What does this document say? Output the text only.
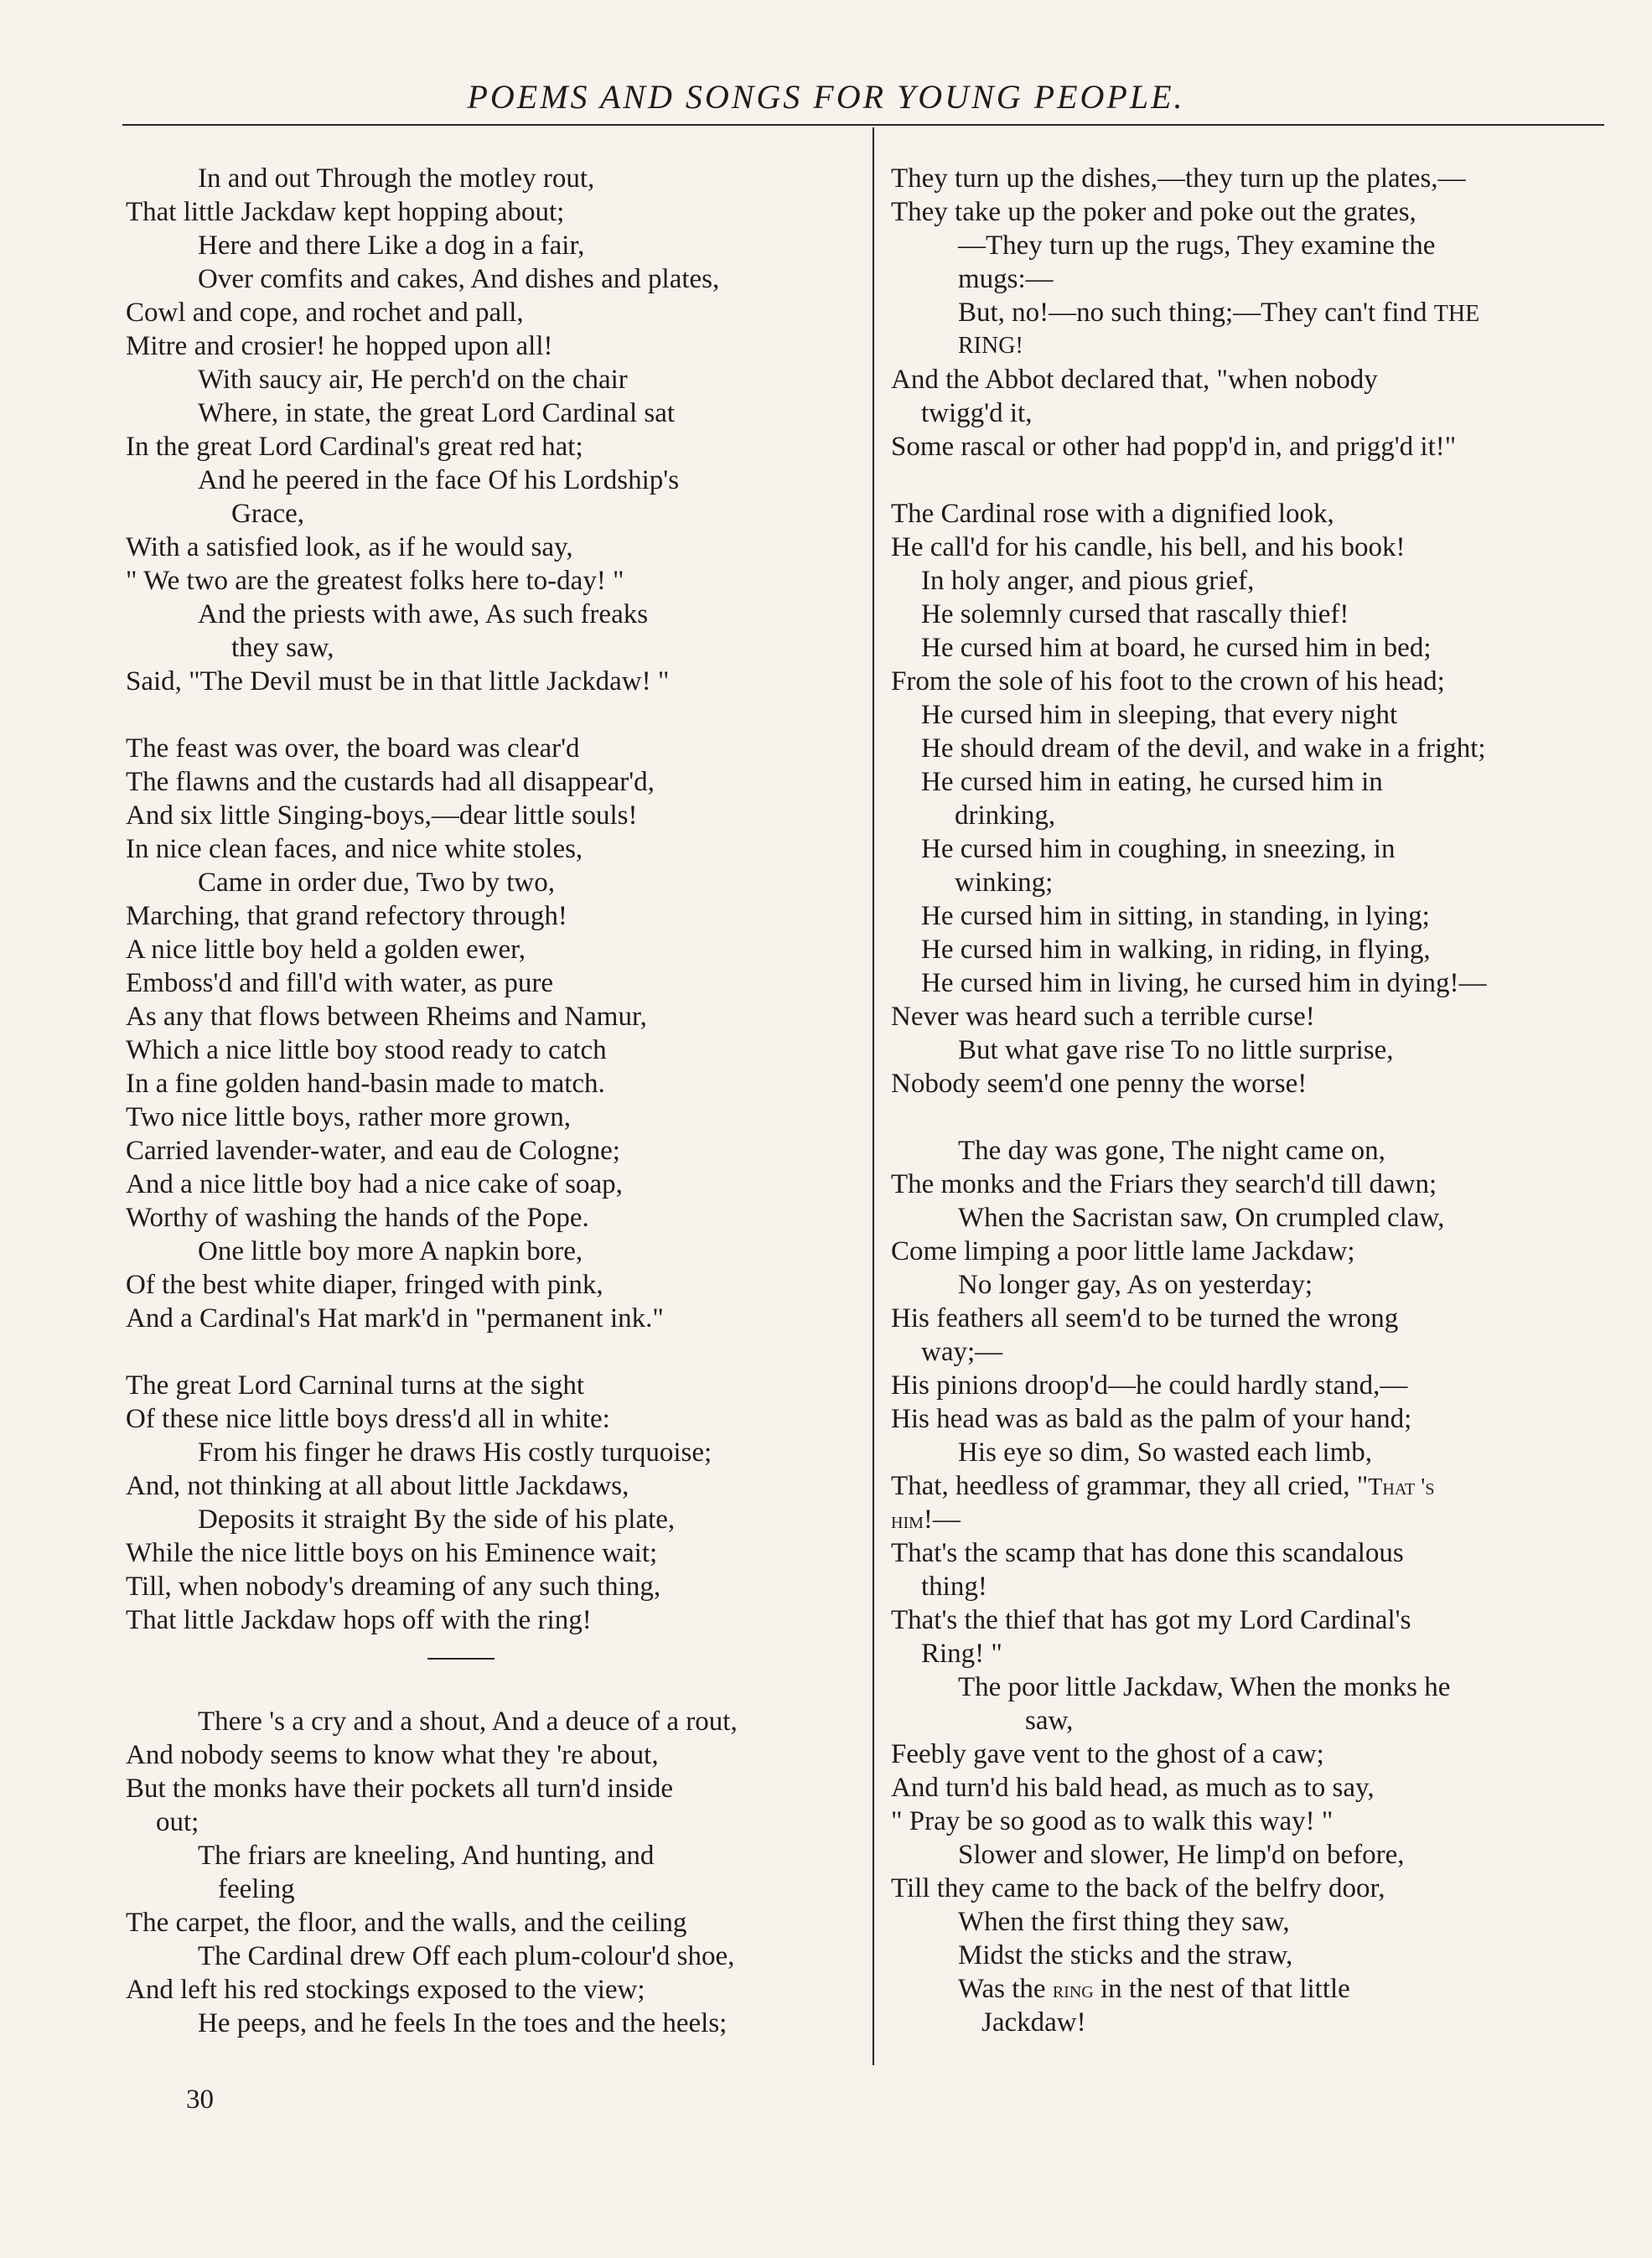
POEMS AND SONGS FOR YOUNG PEOPLE.
In and out Through the motley rout,
That little Jackdaw kept hopping about;
Here and there Like a dog in a fair,
Over comfits and cakes, And dishes and plates,
Cowl and cope, and rochet and pall,
Mitre and crosier! he hopped upon all!
With saucy air, He perch'd on the chair
Where, in state, the great Lord Cardinal sat
In the great Lord Cardinal's great red hat;
And he peered in the face Of his Lordship's
Grace,
With a satisfied look, as if he would say,
" We two are the greatest folks here to-day! "
And the priests with awe, As such freaks
they saw,
Said, "The Devil must be in that little Jackdaw! "
The feast was over, the board was clear'd
The flawns and the custards had all disappear'd,
And six little Singing-boys,—dear little souls!
In nice clean faces, and nice white stoles,
Came in order due, Two by two,
Marching, that grand refectory through!
A nice little boy held a golden ewer,
Emboss'd and fill'd with water, as pure
As any that flows between Rheims and Namur,
Which a nice little boy stood ready to catch
In a fine golden hand-basin made to match.
Two nice little boys, rather more grown,
Carried lavender-water, and eau de Cologne;
And a nice little boy had a nice cake of soap,
Worthy of washing the hands of the Pope.
One little boy more A napkin bore,
Of the best white diaper, fringed with pink,
And a Cardinal's Hat mark'd in "permanent ink."
The great Lord Carninal turns at the sight
Of these nice little boys dress'd all in white:
From his finger he draws His costly turquoise;
And, not thinking at all about little Jackdaws,
Deposits it straight By the side of his plate,
While the nice little boys on his Eminence wait;
Till, when nobody's dreaming of any such thing,
That little Jackdaw hops off with the ring!
There 's a cry and a shout, And a deuce of a rout,
And nobody seems to know what they 're about,
But the monks have their pockets all turn'd inside
out;
The friars are kneeling, And hunting, and
feeling
The carpet, the floor, and the walls, and the ceiling
The Cardinal drew Off each plum-colour'd shoe,
And left his red stockings exposed to the view;
He peeps, and he feels In the toes and the heels;
30
They turn up the dishes,—they turn up the plates,—
They take up the poker and poke out the grates,
—They turn up the rugs, They examine the
mugs:—
But, no!—no such thing;—They can't find THE
RING!
And the Abbot declared that, "when nobody
twigg'd it,
Some rascal or other had popp'd in, and prigg'd it!"
The Cardinal rose with a dignified look,
He call'd for his candle, his bell, and his book!
In holy anger, and pious grief,
He solemnly cursed that rascally thief!
He cursed him at board, he cursed him in bed;
From the sole of his foot to the crown of his head;
He cursed him in sleeping, that every night
He should dream of the devil, and wake in a fright;
He cursed him in eating, he cursed him in
drinking,
He cursed him in coughing, in sneezing, in
winking;
He cursed him in sitting, in standing, in lying;
He cursed him in walking, in riding, in flying,
He cursed him in living, he cursed him in dying!—
Never was heard such a terrible curse!
But what gave rise To no little surprise,
Nobody seem'd one penny the worse!
The day was gone, The night came on,
The monks and the Friars they search'd till dawn;
When the Sacristan saw, On crumpled claw,
Come limping a poor little lame Jackdaw;
No longer gay, As on yesterday;
His feathers all seem'd to be turned the wrong
way;—
His pinions droop'd—he could hardly stand,—
His head was as bald as the palm of your hand;
His eye so dim, So wasted each limb,
That, heedless of grammar, they all cried, "That 's
him!—
That's the scamp that has done this scandalous
thing!
That's the thief that has got my Lord Cardinal's
Ring! "
The poor little Jackdaw, When the monks he
saw,
Feebly gave vent to the ghost of a caw;
And turn'd his bald head, as much as to say,
" Pray be so good as to walk this way! "
Slower and slower, He limp'd on before,
Till they came to the back of the belfry door,
When the first thing they saw,
Midst the sticks and the straw,
Was the ring in the nest of that little
Jackdaw!
